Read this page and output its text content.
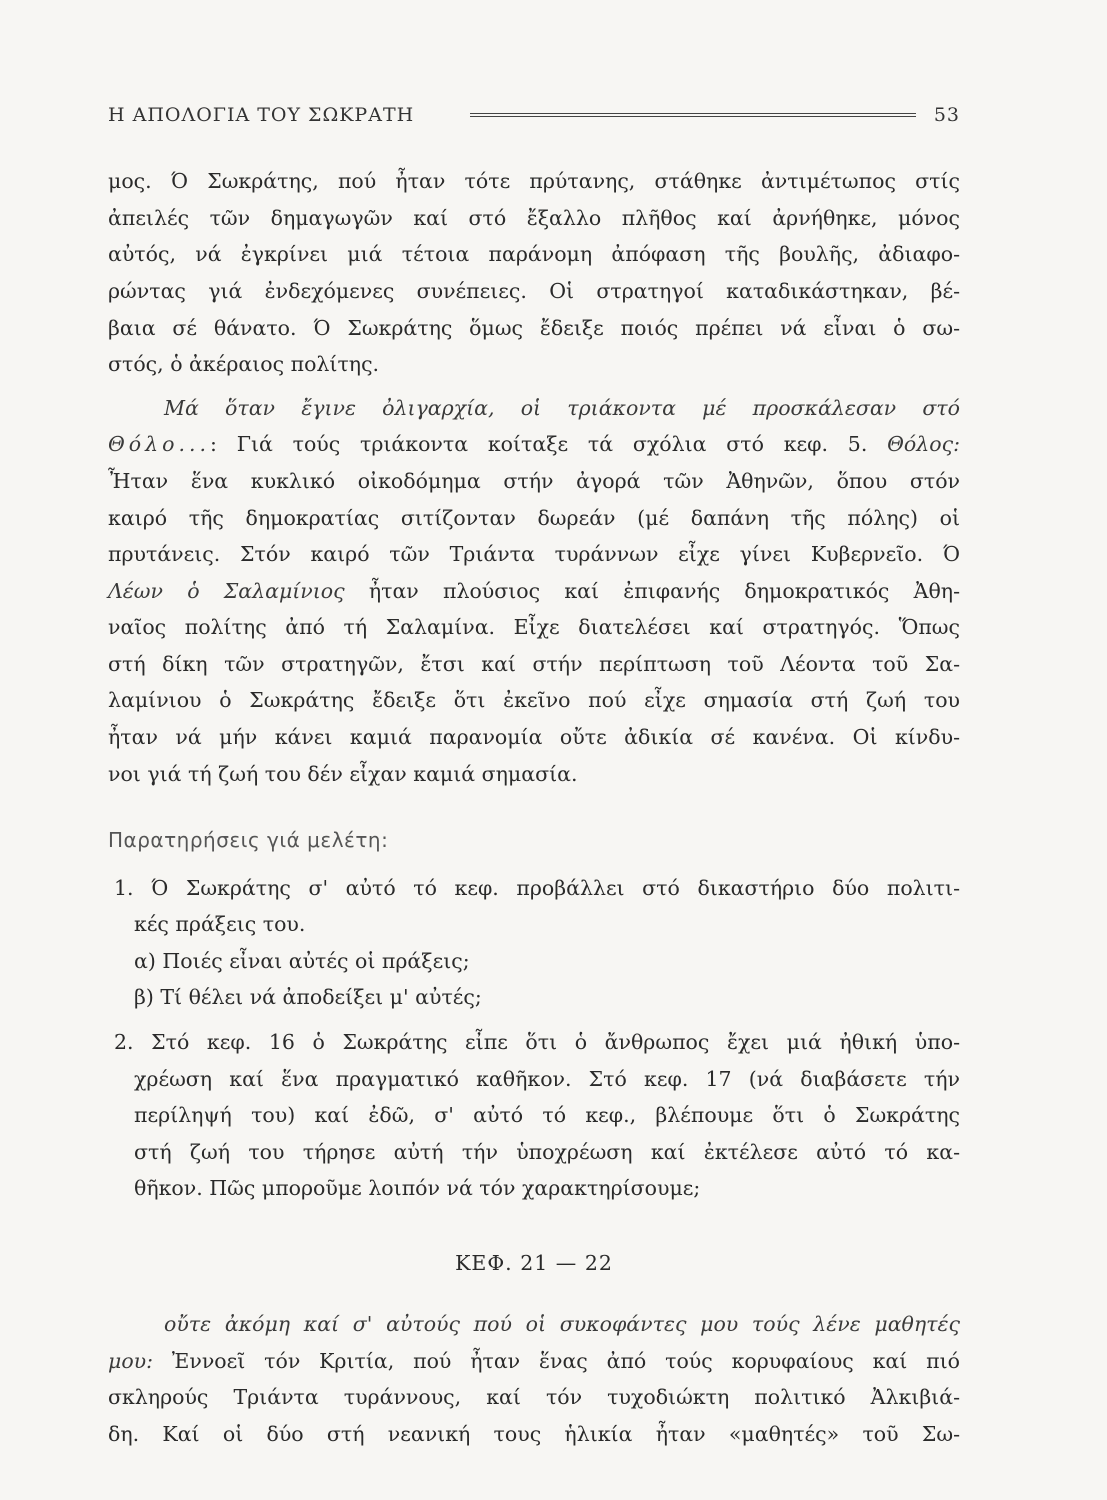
Η ΑΠΟΛΟΓΙΑ ΤΟΥ ΣΩΚΡΑΤΗ	53
μος. Ό Σωκράτης, πού ἦταν τότε πρύτανης, στάθηκε ἀντιμέτωπος στίς
ἀπειλές τῶν δημαγωγῶν καί στό ἔξαλλο πλῆθος καί ἀρνήθηκε, μόνος
αὐτός, νά ἐγκρίνει μιά τέτοια παράνομη ἀπόφαση τῆς βουλῆς, ἀδιαφο-
ρώντας γιά ἐνδεχόμενες συνέπειες. Οἱ στρατηγοί καταδικάστηκαν, βέ-
βαια σέ θάνατο. Ό Σωκράτης ὅμως ἔδειξε ποιός πρέπει νά εἶναι ὁ σω-
στός, ὁ ἀκέραιος πολίτης.
Μά ὅταν ἔγινε ὀλιγαρχία, οἱ τριάκοντα μέ προσκάλεσαν στό
Θόλο...: Γιά τούς τριάκοντα κοίταξε τά σχόλια στό κεφ. 5. Θόλος:
Ἦταν ἕνα κυκλικό οἰκοδόμημα στήν ἀγορά τῶν Ἀθηνῶν, ὅπου στόν
καιρό τῆς δημοκρατίας σιτίζονταν δωρεάν (μέ δαπάνη τῆς πόλης) οἱ
πρυτάνεις. Στόν καιρό τῶν Τριάντα τυράννων εἶχε γίνει Κυβερνεῖο. Ό
Λέων ὁ Σαλαμίνιος ἦταν πλούσιος καί ἐπιφανής δημοκρατικός Ἀθη-
ναῖος πολίτης ἀπό τή Σαλαμίνα. Εἶχε διατελέσει καί στρατηγός. Ὅπως
στή δίκη τῶν στρατηγῶν, ἔτσι καί στήν περίπτωση τοῦ Λέοντα τοῦ Σα-
λαμίνιου ὁ Σωκράτης ἔδειξε ὅτι ἐκεῖνο πού εἶχε σημασία στή ζωή του
ἦταν νά μήν κάνει καμιά παρανομία οὔτε ἀδικία σέ κανένα. Οἱ κίνδυ-
νοι γιά τή ζωή του δέν εἶχαν καμιά σημασία.
Παρατηρήσεις γιά μελέτη:
1. Ό Σωκράτης σ' αὐτό τό κεφ. προβάλλει στό δικαστήριο δύο πολιτι-
κές πράξεις του.
α) Ποιές εἶναι αὐτές οἱ πράξεις;
β) Τί θέλει νά ἀποδείξει μ' αὐτές;
2. Στό κεφ. 16 ὁ Σωκράτης εἶπε ὅτι ὁ ἄνθρωπος ἔχει μιά ἠθική ὑπο-
χρέωση καί ἕνα πραγματικό καθῆκον. Στό κεφ. 17 (νά διαβάσετε τήν
περίληψή του) καί ἐδῶ, σ' αὐτό τό κεφ., βλέπουμε ὅτι ὁ Σωκράτης
στή ζωή του τήρησε αὐτή τήν ὑποχρέωση καί ἐκτέλεσε αὐτό τό κα-
θῆκον. Πῶς μποροῦμε λοιπόν νά τόν χαρακτηρίσουμε;
ΚΕΦ. 21 — 22
οὔτε ἀκόμη καί σ' αὐτούς πού οἱ συκοφάντες μου τούς λένε μαθητές
μου: Ἐννοεῖ τόν Κριτία, πού ἦταν ἕνας ἀπό τούς κορυφαίους καί πιό
σκληρούς Τριάντα τυράννους, καί τόν τυχοδιώκτη πολιτικό Ἀλκιβιά-
δη. Καί οἱ δύο στή νεανική τους ἡλικία ἦταν «μαθητές» τοῦ Σω-
